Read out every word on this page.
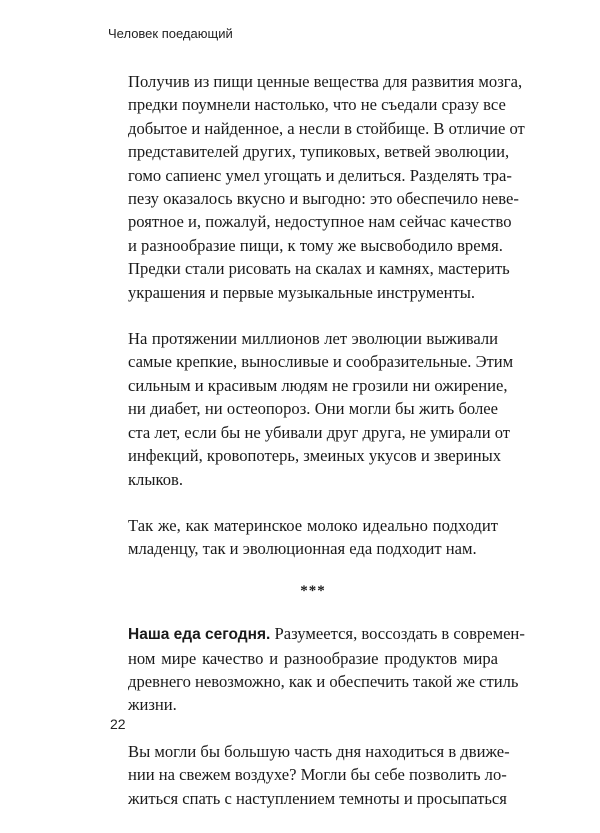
Человек поедающий
Получив из пищи ценные вещества для развития мозга,
предки поумнели настолько, что не съедали сразу все
добытое и найденное, а несли в стойбище. В отличие от
представителей других, тупиковых, ветвей эволюции,
гомо сапиенс умел угощать и делиться. Разделять тра-
пезу оказалось вкусно и выгодно: это обеспечило неве-
роятное и, пожалуй, недоступное нам сейчас качество
и разнообразие пищи, к тому же высвободило время.
Предки стали рисовать на скалах и камнях, мастерить
украшения и первые музыкальные инструменты.
На протяжении миллионов лет эволюции выживали
самые крепкие, выносливые и сообразительные. Этим
сильным и красивым людям не грозили ни ожирение,
ни диабет, ни остеопороз. Они могли бы жить более
ста лет, если бы не убивали друг друга, не умирали от
инфекций, кровопотерь, змеиных укусов и звериных
клыков.
Так же, как материнское молоко идеально подходит
младенцу, так и эволюционная еда подходит нам.
***
Наша еда сегодня. Разумеется, воссоздать в современ-
ном мире качество и разнообразие продуктов мира
древнего невозможно, как и обеспечить такой же стиль
жизни.
Вы могли бы большую часть дня находиться в движе-
нии на свежем воздухе? Могли бы себе позволить ло-
житься спать с наступлением темноты и просыпаться
22
